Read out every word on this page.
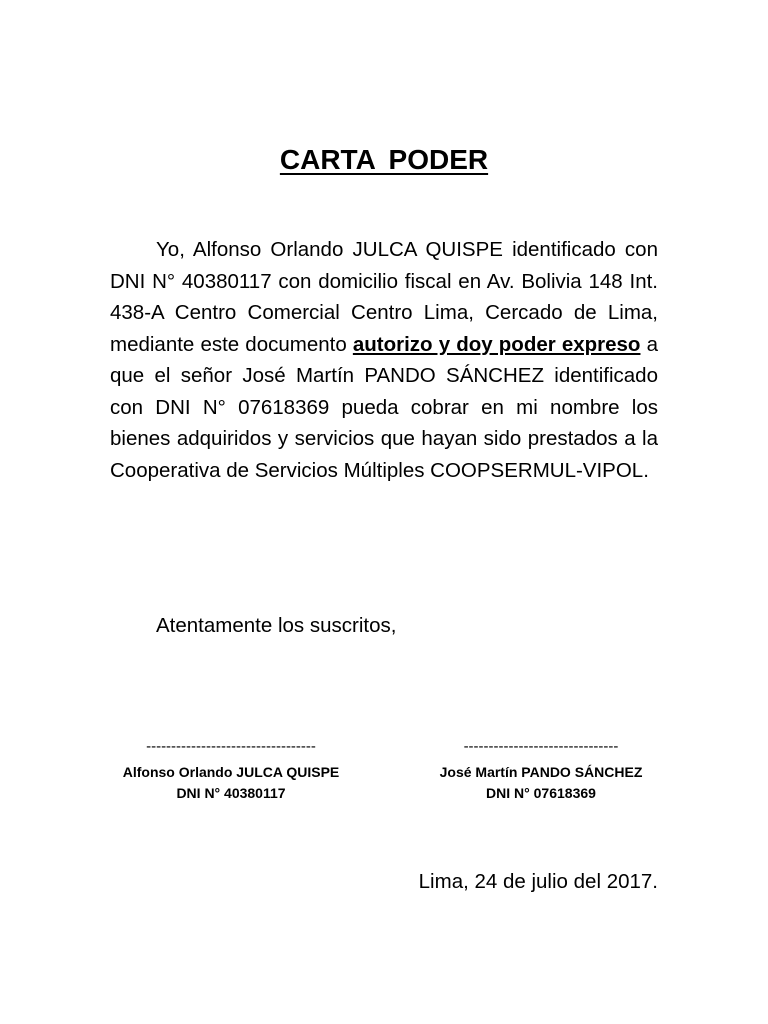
CARTA PODER

Yo, Alfonso Orlando JULCA QUISPE identificado con DNI N° 40380117 con domicilio fiscal en Av. Bolivia 148 Int. 438-A Centro Comercial Centro Lima, Cercado de Lima, mediante este documento autorizo y doy poder expreso a que el señor José Martín PANDO SÁNCHEZ identificado con DNI N° 07618369 pueda cobrar en mi nombre los bienes adquiridos y servicios que hayan sido prestados a la Cooperativa de Servicios Múltiples COOPSERMUL-VIPOL.

Atentamente los suscritos,
----------------------------------
Alfonso Orlando JULCA QUISPE
DNI N° 40380117
-------------------------------
José Martín PANDO SÁNCHEZ
DNI N° 07618369
Lima, 24 de julio del 2017.
